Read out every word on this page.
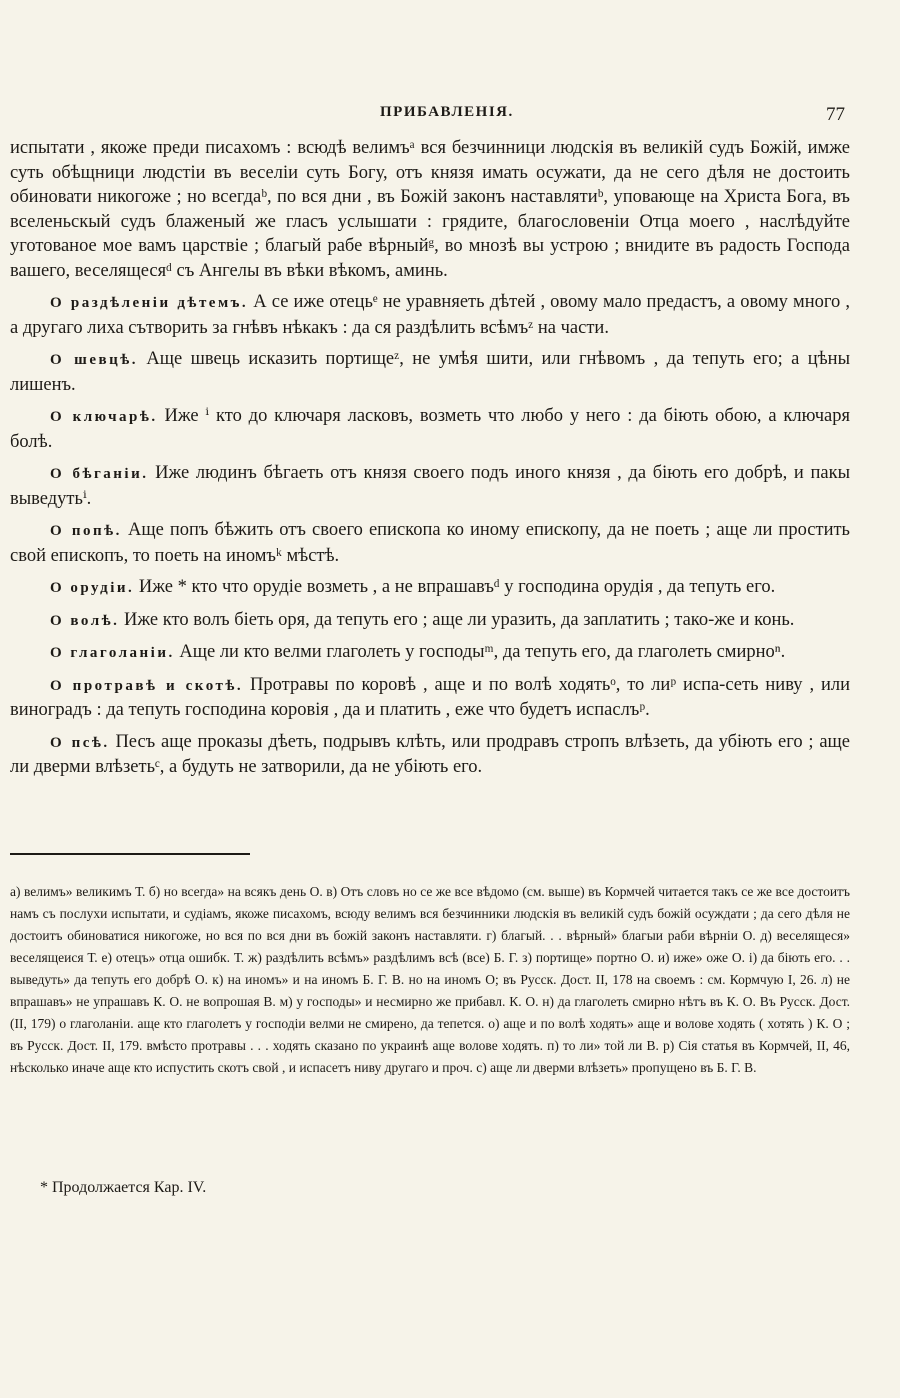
ПРИБАВЛЕНІЯ.	77

испытати , якоже преди писахомъ : всюдѣ велимъᵃ вся безчинници людскія въ великій судъ Божій, имже суть обѣщници людстіи въ веселіи суть Богу, отъ князя имать осужати, да не сего дѣля не достоить обиновати никогоже ; но всегдаᵇ, по вся дни , въ Божій законъ наставлятиᵇ, уповающе на Христа Бога, въ вселеньскый судъ блаженый же гласъ услышати : грядите, благословеніи Отца моего , наслѣдуйте уготованое мое вамъ царствіе ; благый рабе вѣрныйᵍ, во мнозѣ вы устрою ; внидите въ радость Господа вашего, веселящесяᵈ съ Ангелы въ вѣки вѣкомъ, аминь.

О раздѣленіи дѣтемъ. А се иже отецьᵉ не уравняеть дѣтей , овому мало предастъ, а овому много , а другаго лиха сътворить за гнѣвъ нѣкакъ : да ся раздѣлить всѣмъᶻ на части.

О шевцѣ. Аще швець исказить портищеᶻ, не умѣя шити, или гнѣвомъ , да тепуть его; а цѣны лишенъ.

О ключарѣ. Иже ⁱ кто до ключаря ласковъ, возметь что любо у него : да біють обою, а ключаря болѣ.

О бѣганіи. Иже людинъ бѣгаеть отъ князя своего подъ иного князя , да біють его добрѣ, и пакы выведутьⁱ.

О попѣ. Аще попъ бѣжить отъ своего епископа ко иному епископу, да не поеть ; аще ли простить свой епископъ, то поеть на иномъᵏ мѣстѣ.

О орудіи. Иже * кто что орудіе возметь , а не впрашавъᵈ у господина орудія , да тепуть его.

О волѣ. Иже кто волъ біеть оря, да тепуть его ; аще ли уразить, да заплатить ; тако-же и конь.

О глаголаніи. Аще ли кто велми глаголеть у господыᵐ, да тепуть его, да глаголеть смирноⁿ.

О протравѣ и скотѣ. Протравы по коровѣ , аще и по волѣ ходятьᵒ, то лиᵖ испа-сеть ниву , или виноградъ : да тепуть господина коровія , да и платить , еже что будетъ испаслъᵖ.

О псѣ. Песъ аще проказы дѣеть, подрывъ клѣть, или продравъ стропъ влѣзеть, да убіють его ; аще ли дверми влѣзетьᶜ, а будуть не затворили, да не убіють его.

а) велимъ» великимъ Т. б) но всегда» на всякъ день О. в) Отъ словъ но се же все вѣдомо (см. выше) въ Кормчей читается такъ се же все достоитъ намъ съ послухи испытати, и судіамъ, якоже писахомъ, всюду велимъ вся безчинники людскія въ великій судъ божій осуждати ; да сего дѣля не достоитъ обиноватися никогоже, но вся по вся дни въ божій законъ наставляти. г) благый. . . вѣрный» благыи раби вѣрніи О. д) веселящеся» веселящеися Т. е) отецъ» отца ошибк. Т. ж) раздѣлить всѣмъ» раздѣлимъ всѣ (все) Б. Г. з) портище» портно О. и) иже» оже О. і) да біють его. . . выведуть» да тепуть его добрѣ О. к) на иномъ» и на иномъ Б. Г. В. но на иномъ О; въ Русск. Дост. II, 178 на своемъ : см. Кормчую I, 26. л) не впрашавъ» не упрашавъ К. О. не вопрошая В. м) у господы» и несмирно же прибавл. К. О. н) да глаголеть смирно нѣтъ въ К. О. Въ Русск. Дост. (II, 179) о глаголаніи. аще кто глаголетъ у господіи велми не смирено, да тепется. о) аще и по волѣ ходять» аще и волове ходять ( хотять ) К. О ; въ Русск. Дост. II, 179. вмѣсто протравы . . . ходять сказано по украинѣ аще волове ходять. п) то ли» той ли В. р) Сія статья въ Кормчей, II, 46, нѣсколько иначе аще кто испустить скотъ свой , и испасетъ ниву другаго и проч. с) аще ли дверми влѣзеть» пропущено въ Б. Г. В.

* Продолжается Кар. IV.
